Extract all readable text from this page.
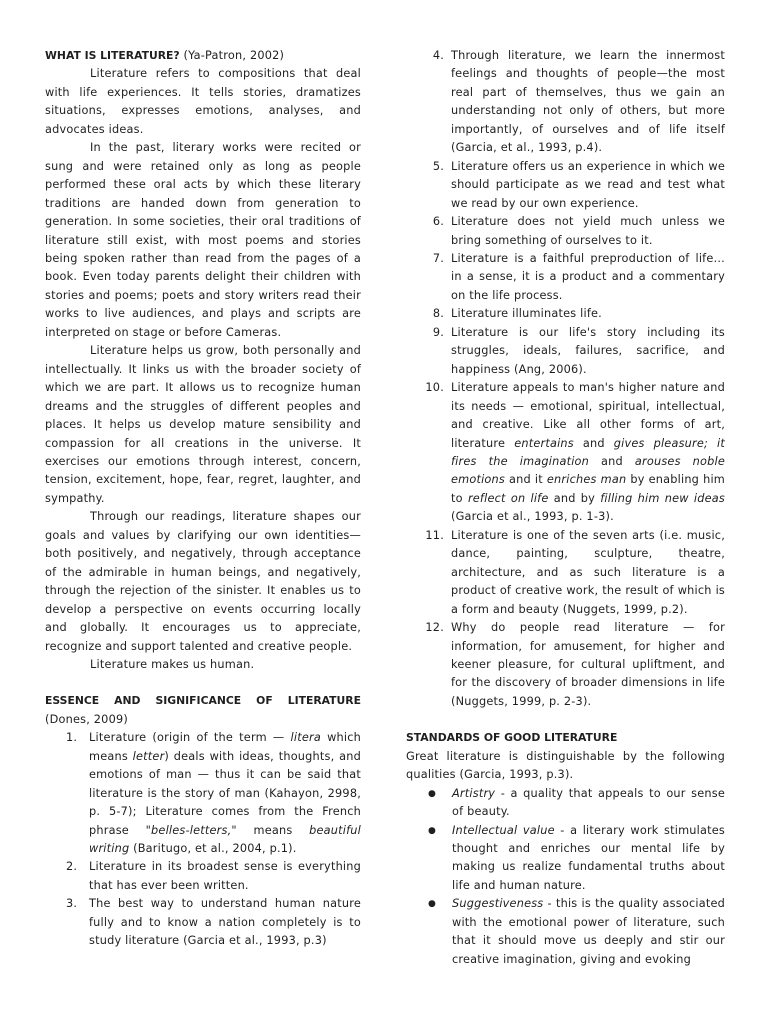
WHAT IS LITERATURE? (Ya-Patron, 2002)

Literature refers to compositions that deal with life experiences. It tells stories, dramatizes situations, expresses emotions, analyses, and advocates ideas.

In the past, literary works were recited or sung and were retained only as long as people performed these oral acts by which these literary traditions are handed down from generation to generation. In some societies, their oral traditions of literature still exist, with most poems and stories being spoken rather than read from the pages of a book. Even today parents delight their children with stories and poems; poets and story writers read their works to live audiences, and plays and scripts are interpreted on stage or before Cameras.

Literature helps us grow, both personally and intellectually. It links us with the broader society of which we are part. It allows us to recognize human dreams and the struggles of different peoples and places. It helps us develop mature sensibility and compassion for all creations in the universe. It exercises our emotions through interest, concern, tension, excitement, hope, fear, regret, laughter, and sympathy.

Through our readings, literature shapes our goals and values by clarifying our own identities—both positively, and negatively, through acceptance of the admirable in human beings, and negatively, through the rejection of the sinister. It enables us to develop a perspective on events occurring locally and globally. It encourages us to appreciate, recognize and support talented and creative people.

Literature makes us human.

ESSENCE AND SIGNIFICANCE OF LITERATURE (Dones, 2009)

1. Literature (origin of the term — litera which means letter) deals with ideas, thoughts, and emotions of man — thus it can be said that literature is the story of man (Kahayon, 2998, p. 5-7); Literature comes from the French phrase "belles-letters," means beautiful writing (Baritugo, et al., 2004, p.1).
2. Literature in its broadest sense is everything that has ever been written.
3. The best way to understand human nature fully and to know a nation completely is to study literature (Garcia et al., 1993, p.3)
4. Through literature, we learn the innermost feelings and thoughts of people—the most real part of themselves, thus we gain an understanding not only of others, but more importantly, of ourselves and of life itself (Garcia, et al., 1993, p.4).
5. Literature offers us an experience in which we should participate as we read and test what we read by our own experience.
6. Literature does not yield much unless we bring something of ourselves to it.
7. Literature is a faithful preproduction of life… in a sense, it is a product and a commentary on the life process.
8. Literature illuminates life.
9. Literature is our life's story including its struggles, ideals, failures, sacrifice, and happiness (Ang, 2006).
10. Literature appeals to man's higher nature and its needs — emotional, spiritual, intellectual, and creative. Like all other forms of art, literature entertains and gives pleasure; it fires the imagination and arouses noble emotions and it enriches man by enabling him to reflect on life and by filling him new ideas (Garcia et al., 1993, p. 1-3).
11. Literature is one of the seven arts (i.e. music, dance, painting, sculpture, theatre, architecture, and as such literature is a product of creative work, the result of which is a form and beauty (Nuggets, 1999, p.2).
12. Why do people read literature — for information, for amusement, for higher and keener pleasure, for cultural upliftment, and for the discovery of broader dimensions in life (Nuggets, 1999, p. 2-3).

STANDARDS OF GOOD LITERATURE

Great literature is distinguishable by the following qualities (Garcia, 1993, p.3).

● Artistry - a quality that appeals to our sense of beauty.
● Intellectual value - a literary work stimulates thought and enriches our mental life by making us realize fundamental truths about life and human nature.
● Suggestiveness - this is the quality associated with the emotional power of literature, such that it should move us deeply and stir our creative imagination, giving and evoking
